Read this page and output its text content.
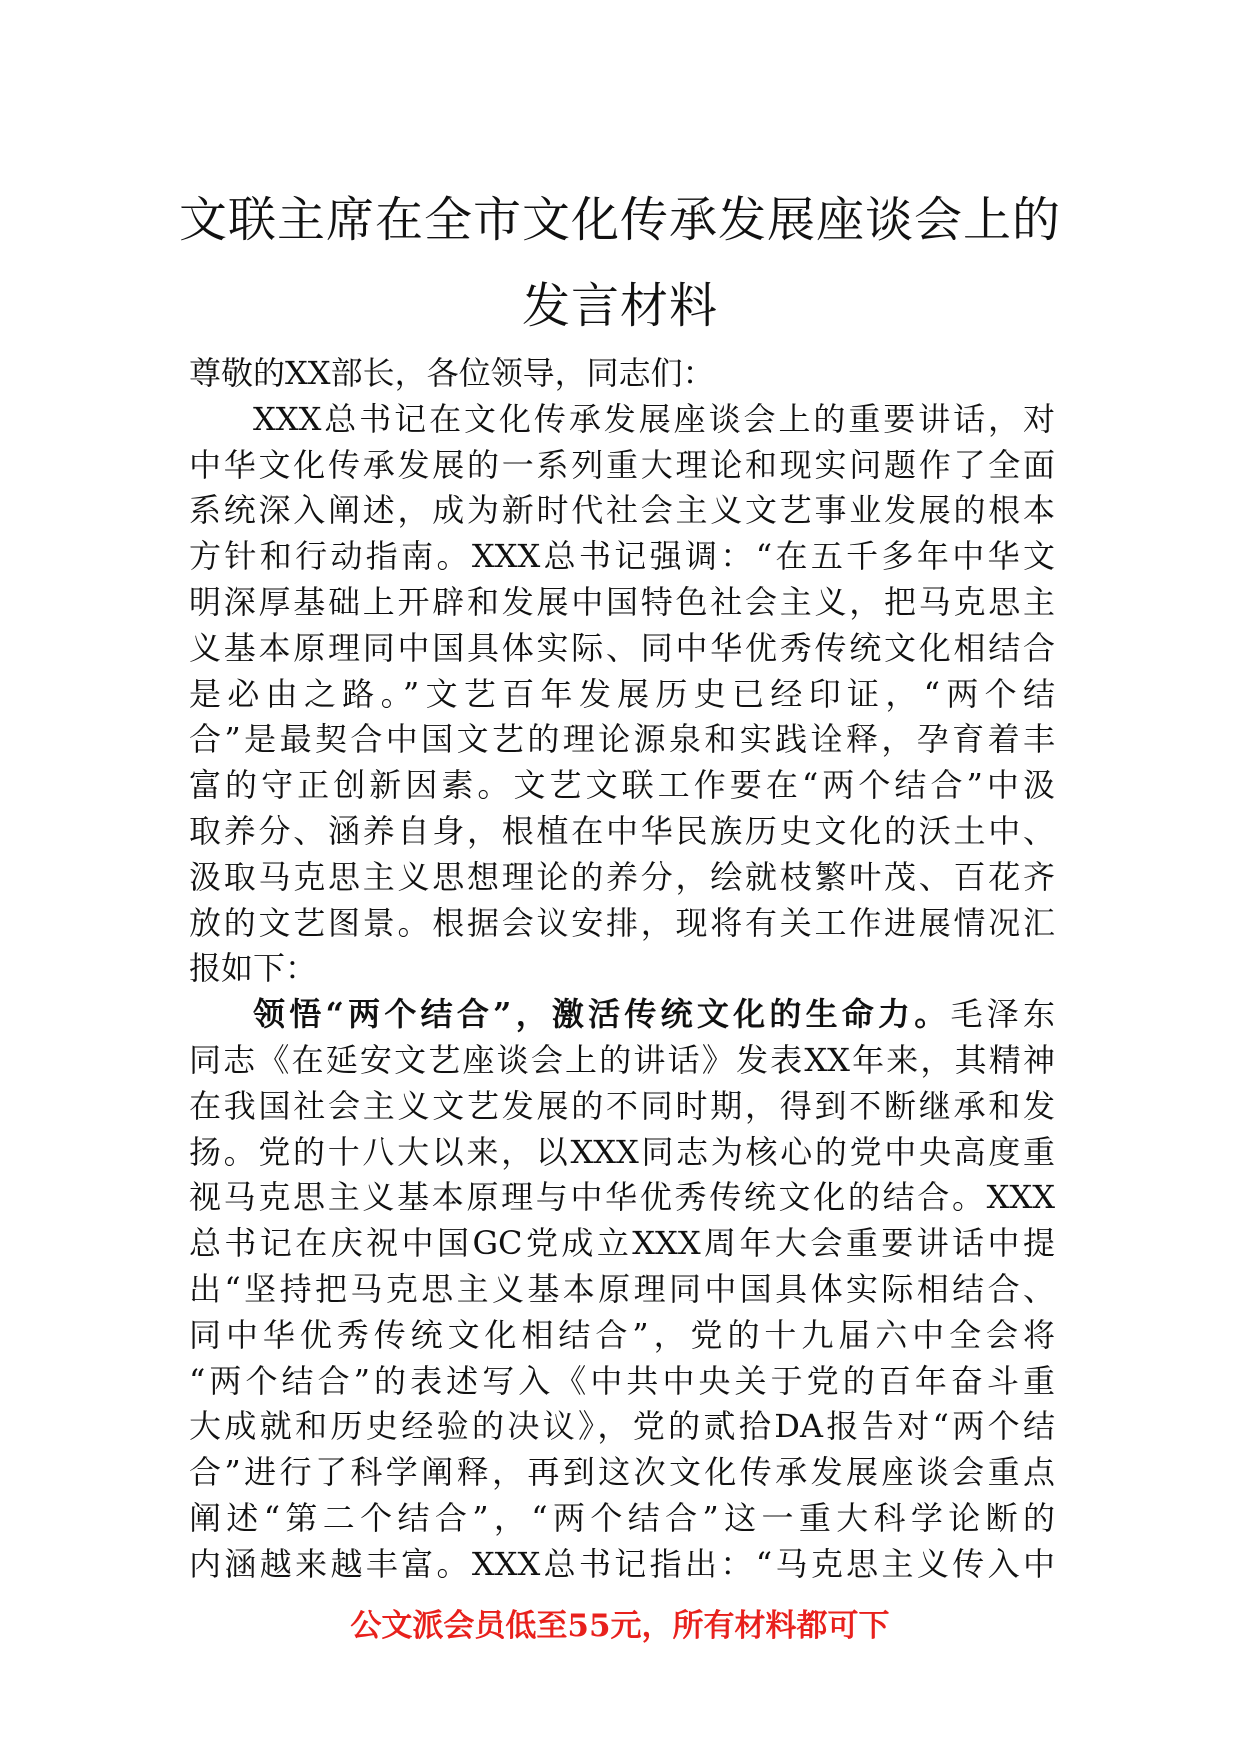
文联主席在全市文化传承发展座谈会上的
发言材料
尊敬的XX部长，各位领导，同志们：
XXX总书记在文化传承发展座谈会上的重要讲话，对
中华文化传承发展的一系列重大理论和现实问题作了全面
系统深入阐述，成为新时代社会主义文艺事业发展的根本
方针和行动指南。XXX总书记强调：“在五千多年中华文
明深厚基础上开辟和发展中国特色社会主义，把马克思主
义基本原理同中国具体实际、同中华优秀传统文化相结合
是必由之路。”文艺百年发展历史已经印证，“两个结
合”是最契合中国文艺的理论源泉和实践诠释，孕育着丰
富的守正创新因素。文艺文联工作要在“两个结合”中汲
取养分、涵养自身，根植在中华民族历史文化的沃土中、
汲取马克思主义思想理论的养分，绘就枝繁叶茂、百花齐
放的文艺图景。根据会议安排，现将有关工作进展情况汇
报如下：
领悟“两个结合”，激活传统文化的生命力。毛泽东
同志《在延安文艺座谈会上的讲话》发表XX年来，其精神
在我国社会主义文艺发展的不同时期，得到不断继承和发
扬。党的十八大以来，以XXX同志为核心的党中央高度重
视马克思主义基本原理与中华优秀传统文化的结合。XXX
总书记在庆祝中国GC党成立XXX周年大会重要讲话中提
出“坚持把马克思主义基本原理同中国具体实际相结合、
同中华优秀传统文化相结合”，党的十九届六中全会将
“两个结合”的表述写入《中共中央关于党的百年奋斗重
大成就和历史经验的决议》，党的贰拾DA报告对“两个结
合”进行了科学阐释，再到这次文化传承发展座谈会重点
阐述“第二个结合”，“两个结合”这一重大科学论断的
内涵越来越丰富。XXX总书记指出：“马克思主义传入中
公文派会员低至55元，所有材料都可下
